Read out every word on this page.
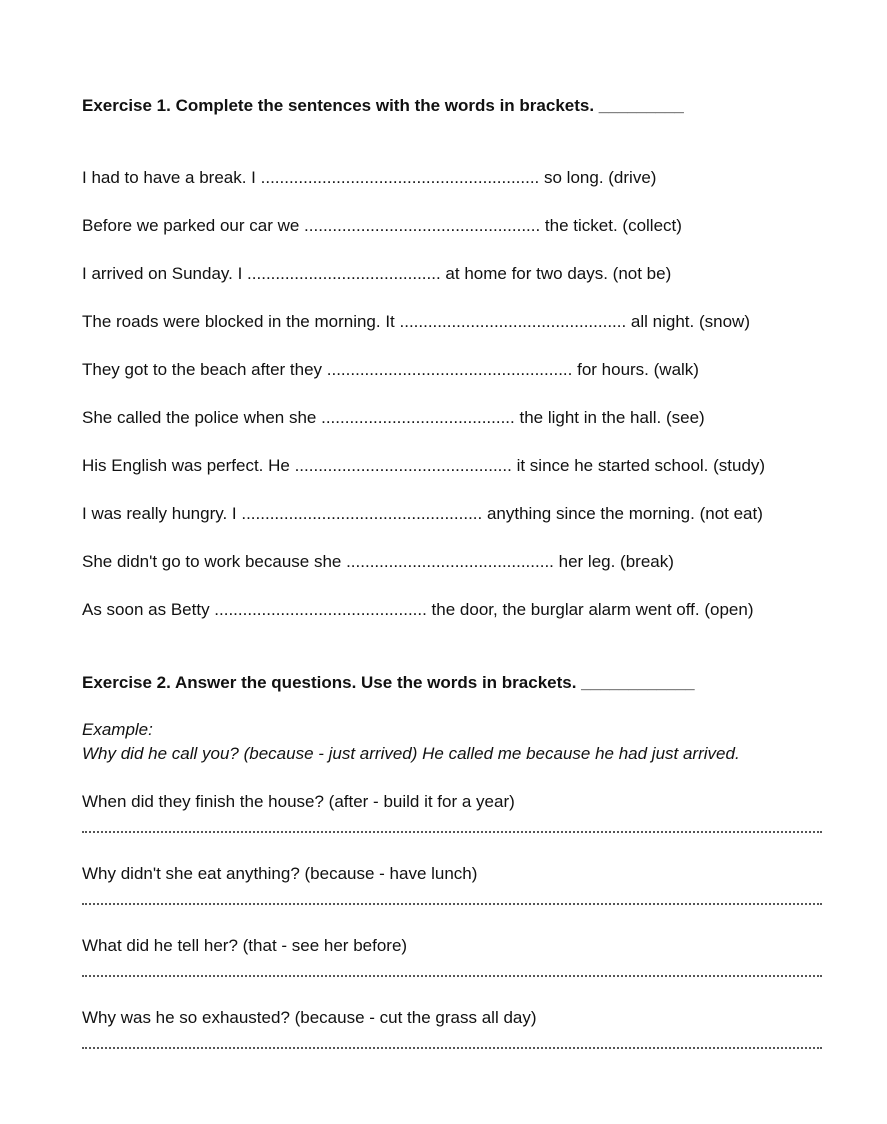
Exercise 1. Complete the sentences with the words in brackets. _________
I had to have a break. I ........................................................... so long. (drive)
Before we parked our car we .................................................. the ticket. (collect)
I arrived on Sunday. I ......................................... at home for two days. (not be)
The roads were blocked in the morning. It ................................................ all night. (snow)
They got to the beach after they .................................................... for hours. (walk)
She called the police when she ......................................... the light in the hall. (see)
His English was perfect. He .............................................. it since he started school. (study)
I was really hungry. I ................................................... anything since the morning. (not eat)
She didn't go to work because she ............................................ her leg. (break)
As soon as Betty ............................................. the door, the burglar alarm went off. (open)
Exercise 2. Answer the questions. Use the words in brackets. ____________
Example:
Why did he call you? (because - just arrived) He called me because he had just arrived.
When did they finish the house? (after - build it for a year)
Why didn't she eat anything? (because - have lunch)
What did he tell her? (that - see her before)
Why was he so exhausted? (because - cut the grass all day)
